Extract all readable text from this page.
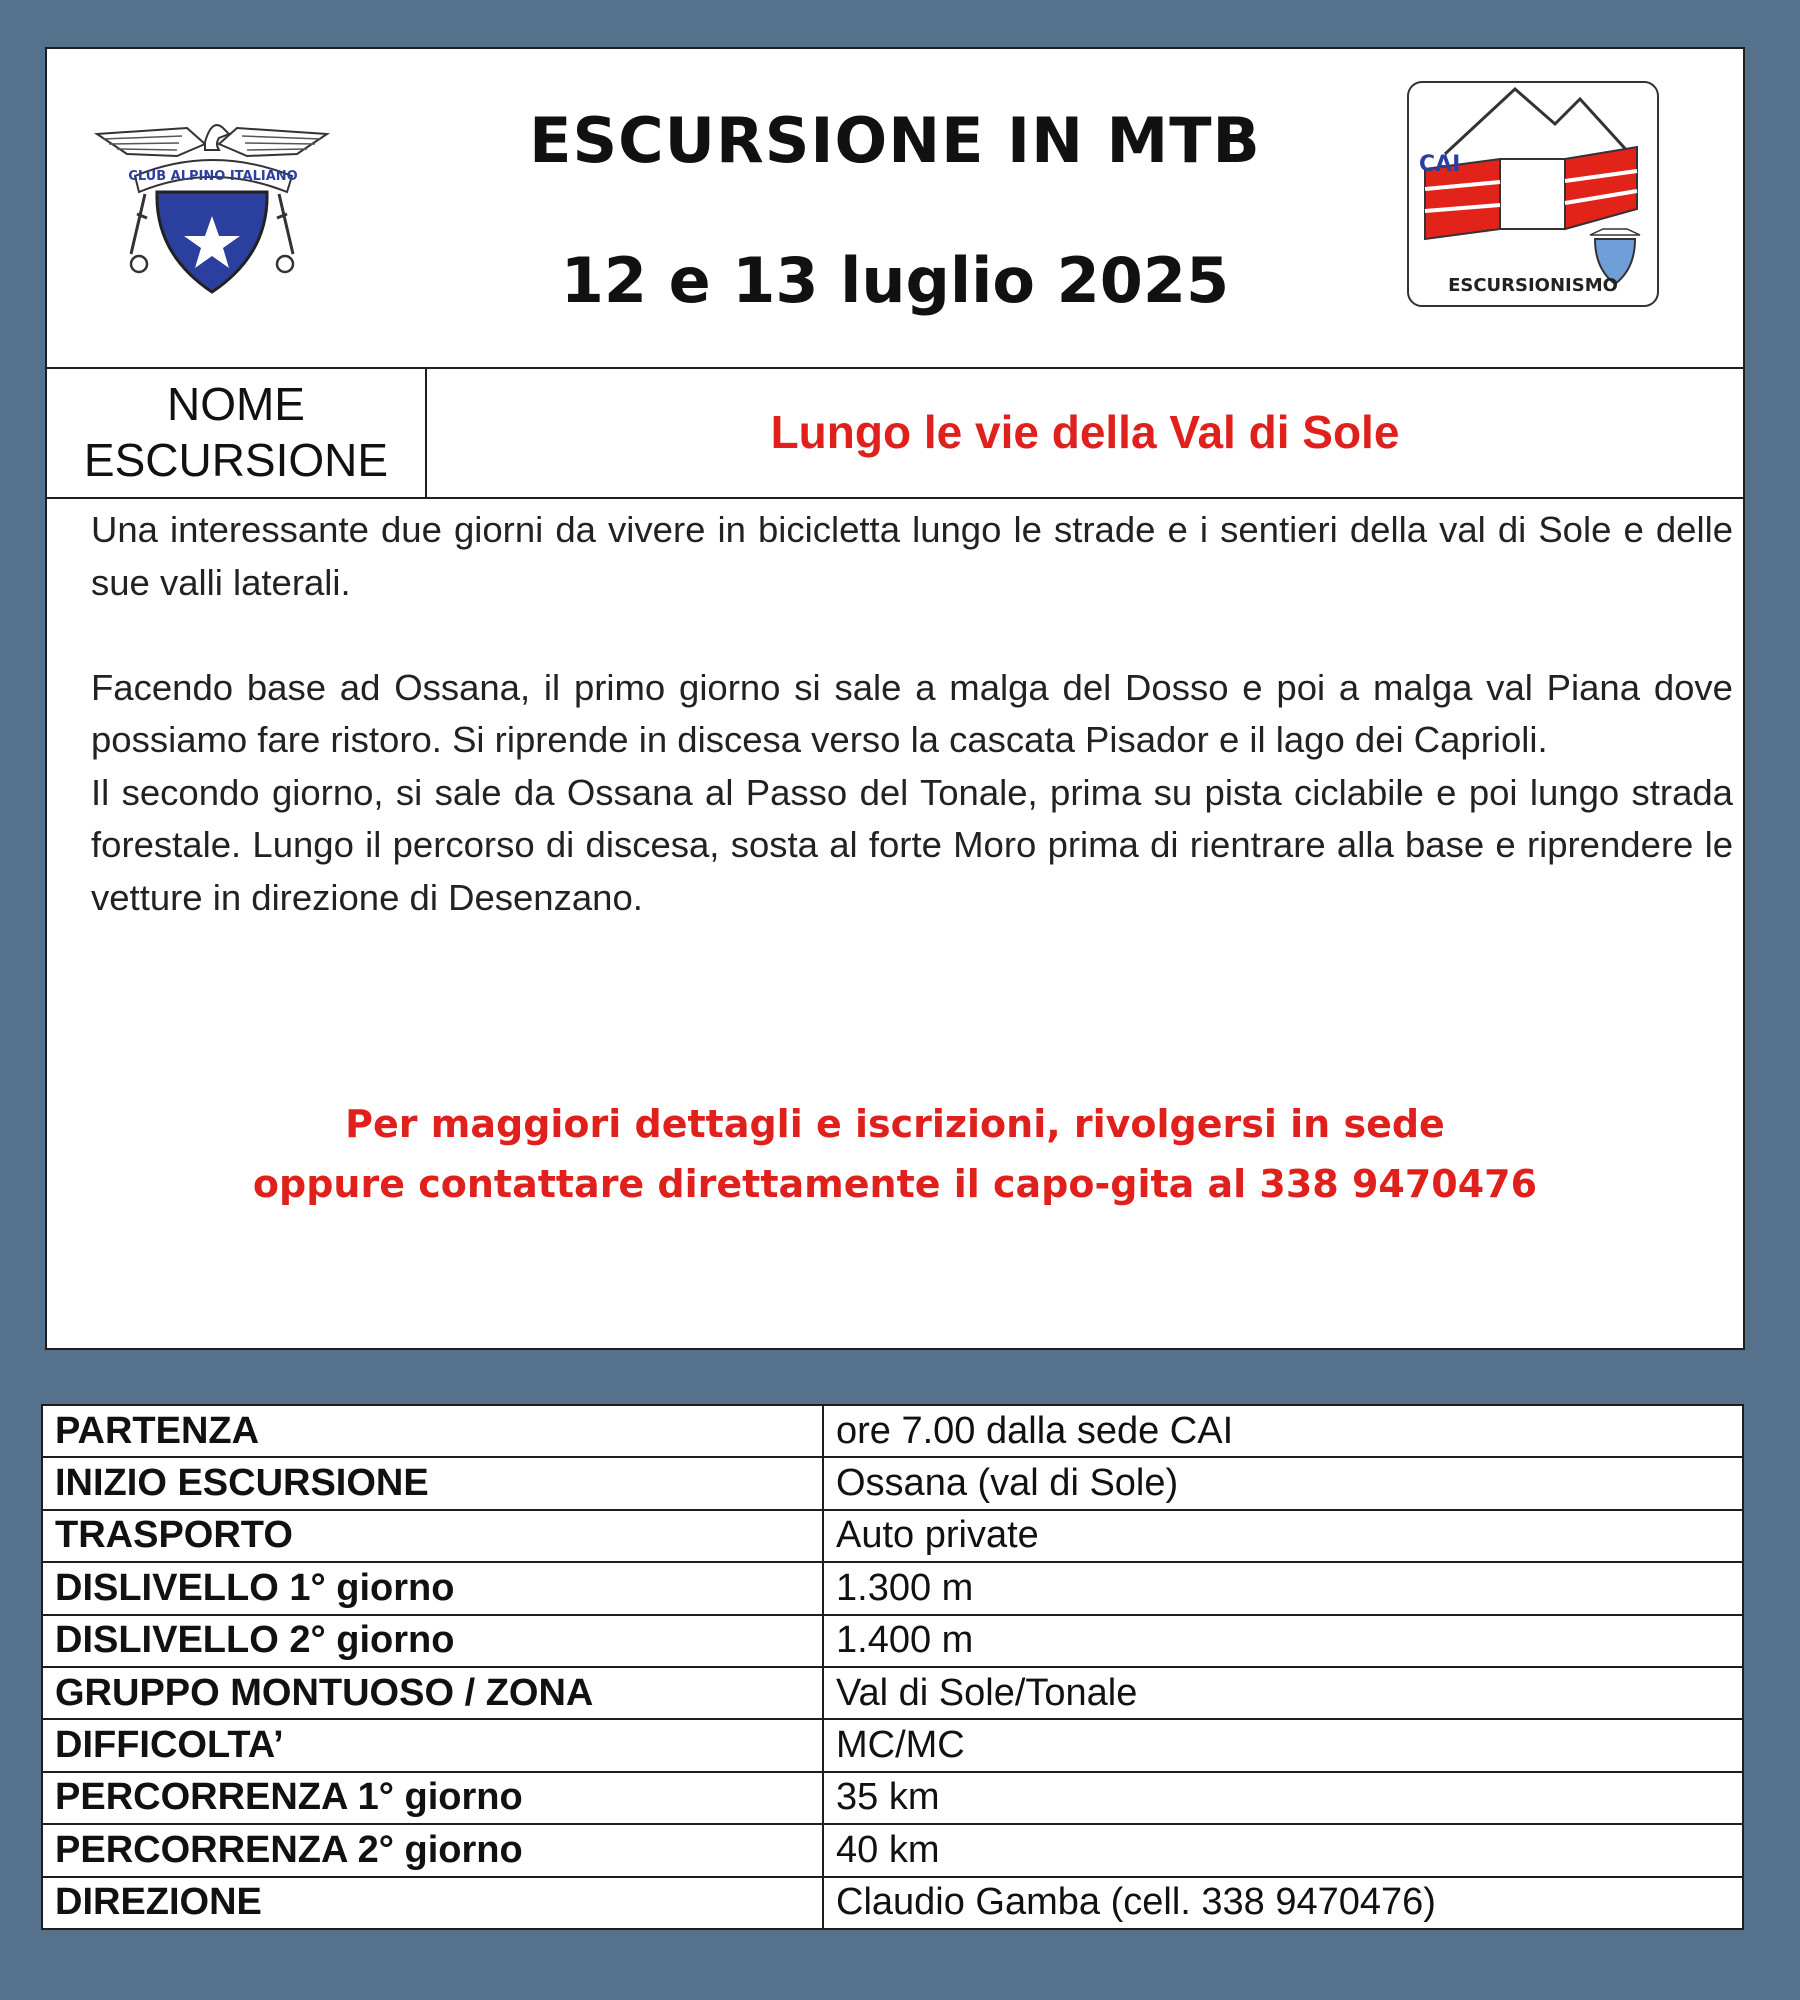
CLUB ALPINO ITALIANO	ESCURSIONE IN MTB
12 e 13 luglio 2025
CAI
ESCURSIONISMO
NOME
ESCURSIONE
Lungo le vie della Val di Sole

Una interessante due giorni da vivere in bicicletta lungo le strade e i sentieri della val di Sole e delle sue valli laterali.

Facendo base ad Ossana, il primo giorno si sale a malga del Dosso e poi a malga val Piana dove possiamo fare ristoro. Si riprende in discesa verso la cascata Pisador e il lago dei Caprioli.

Il secondo giorno, si sale da Ossana al Passo del Tonale, prima su pista ciclabile e poi lungo strada forestale. Lungo il percorso di discesa, sosta al forte Moro prima di rientrare alla base e riprendere le vetture in direzione di Desenzano.

Per maggiori dettagli e iscrizioni, rivolgersi in sede
oppure contattare direttamente il capo-gita al 338 9470476
PARTENZA	ore 7.00 dalla sede CAI
INIZIO ESCURSIONE	Ossana (val di Sole)
TRASPORTO	Auto private
DISLIVELLO 1° giorno	1.300 m
DISLIVELLO 2° giorno	1.400 m
GRUPPO MONTUOSO / ZONA	Val di Sole/Tonale
DIFFICOLTA’	MC/MC
PERCORRENZA 1° giorno	35 km
PERCORRENZA 2° giorno	40 km
DIREZIONE	Claudio Gamba (cell. 338 9470476)
